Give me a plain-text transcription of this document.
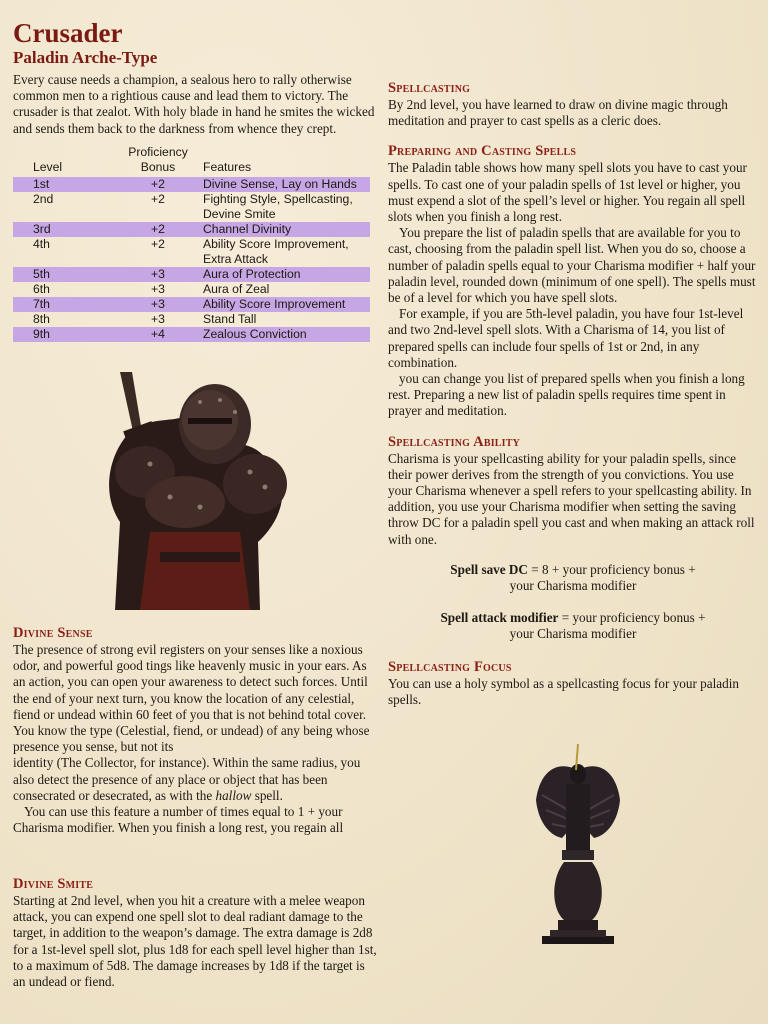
Crusader
Paladin Arche-Type

Every cause needs a champion, a sealous hero to rally otherwise common men to a rightious cause and lead them to victory. The crusader is that zealot. With holy blade in hand he smites the wicked and sends them back to the darkness from whence they crept.

Level	Proficiency
Bonus	Features
1st	+2	Divine Sense, Lay on Hands
2nd	+2	Fighting Style, Spellcasting, Devine Smite
3rd	+2	Channel Divinity
4th	+2	Ability Score Improvement, Extra Attack
5th	+3	Aura of Protection
6th	+3	Aura of Zeal
7th	+3	Ability Score Improvement
8th	+3	Stand Tall
9th	+4	Zealous Conviction
Divine Sense

The presence of strong evil registers on your senses like a noxious odor, and powerful good tings like heavenly music in your ears. As an action, you can open your awareness to detect such forces. Until the end of your next turn, you know the location of any celestial, fiend or undead within 60 feet of you that is not behind total cover. You know the type (Celestial, fiend, or undead) of any being whose presence you sense, but not its

identity (The Collector, for instance). Within the same radius, you also detect the presence of any place or object that has been consecrated or desecrated, as with the hallow spell.

You can use this feature a number of times equal to 1 + your Charisma modifier. When you finish a long rest, you regain all

Divine Smite

Starting at 2nd level, when you hit a creature with a melee weapon attack, you can expend one spell slot to deal radiant damage to the target, in addition to the weapon’s damage. The extra damage is 2d8 for a 1st-level spell slot, plus 1d8 for each spell level higher than 1st, to a maximum of 5d8. The damage increases by 1d8 if the target is an undead or fiend.

Spellcasting

By 2nd level, you have learned to draw on divine magic through meditation and prayer to cast spells as a cleric does.

Preparing and Casting Spells

The Paladin table shows how many spell slots you have to cast your spells. To cast one of your paladin spells of 1st level or higher, you must expend a slot of the spell’s level or higher. You regain all spell slots when you finish a long rest.

You prepare the list of paladin spells that are available for you to cast, choosing from the paladin spell list. When you do so, choose a number of paladin spells equal to your Charisma modifier + half your paladin level, rounded down (minimum of one spell). The spells must be of a level for which you have spell slots.

For example, if you are 5th-level paladin, you have four 1st-level and two 2nd-level spell slots. With a Charisma of 14, you list of prepared spells can include four spells of 1st or 2nd, in any combination.

you can change you list of prepared spells when you finish a long rest. Preparing a new list of paladin spells requires time spent in prayer and meditation.

Spellcasting Ability

Charisma is your spellcasting ability for your paladin spells, since their power derives from the strength of you convictions. You use your Charisma whenever a spell refers to your spellcasting ability. In addition, you use your Charisma modifier when setting the saving throw DC for a paladin spell you cast and when making an attack roll with one.

Spell save DC = 8 + your proficiency bonus +
your Charisma modifier

Spell attack modifier = your proficiency bonus +
your Charisma modifier

Spellcasting Focus

You can use a holy symbol as a spellcasting focus for your paladin spells.
